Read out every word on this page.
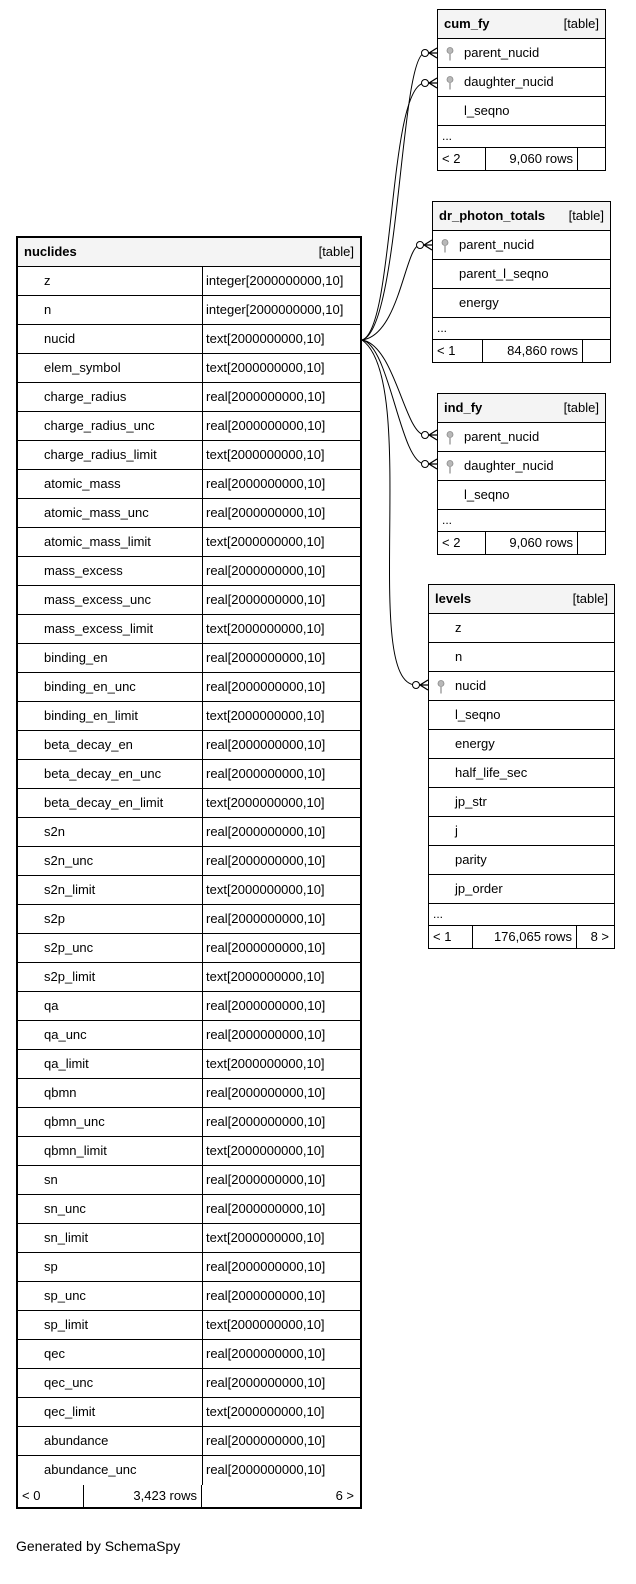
nuclides	[table]
z	integer[2000000000,10]
n	integer[2000000000,10]
nucid	text[2000000000,10]
elem_symbol	text[2000000000,10]
charge_radius	real[2000000000,10]
charge_radius_unc	real[2000000000,10]
charge_radius_limit	text[2000000000,10]
atomic_mass	real[2000000000,10]
atomic_mass_unc	real[2000000000,10]
atomic_mass_limit	text[2000000000,10]
mass_excess	real[2000000000,10]
mass_excess_unc	real[2000000000,10]
mass_excess_limit	text[2000000000,10]
binding_en	real[2000000000,10]
binding_en_unc	real[2000000000,10]
binding_en_limit	text[2000000000,10]
beta_decay_en	real[2000000000,10]
beta_decay_en_unc	real[2000000000,10]
beta_decay_en_limit	text[2000000000,10]
s2n	real[2000000000,10]
s2n_unc	real[2000000000,10]
s2n_limit	text[2000000000,10]
s2p	real[2000000000,10]
s2p_unc	real[2000000000,10]
s2p_limit	text[2000000000,10]
qa	real[2000000000,10]
qa_unc	real[2000000000,10]
qa_limit	text[2000000000,10]
qbmn	real[2000000000,10]
qbmn_unc	real[2000000000,10]
qbmn_limit	text[2000000000,10]
sn	real[2000000000,10]
sn_unc	real[2000000000,10]
sn_limit	text[2000000000,10]
sp	real[2000000000,10]
sp_unc	real[2000000000,10]
sp_limit	text[2000000000,10]
qec	real[2000000000,10]
qec_unc	real[2000000000,10]
qec_limit	text[2000000000,10]
abundance	real[2000000000,10]
abundance_unc	real[2000000000,10]
< 0	3,423 rows	6 >
cum_fy	[table]
parent_nucid
daughter_nucid
l_seqno
...
< 2	9,060 rows
dr_photon_totals [table]
parent_nucid
parent_l_seqno
energy
...
< 1	84,860 rows
ind_fy	[table]
parent_nucid
daughter_nucid
l_seqno
...
< 2	9,060 rows
levels	[table]
z
n
nucid
l_seqno
energy
half_life_sec
jp_str
j
parity
jp_order
...
< 1	176,065 rows	8 >
Generated by SchemaSpy
